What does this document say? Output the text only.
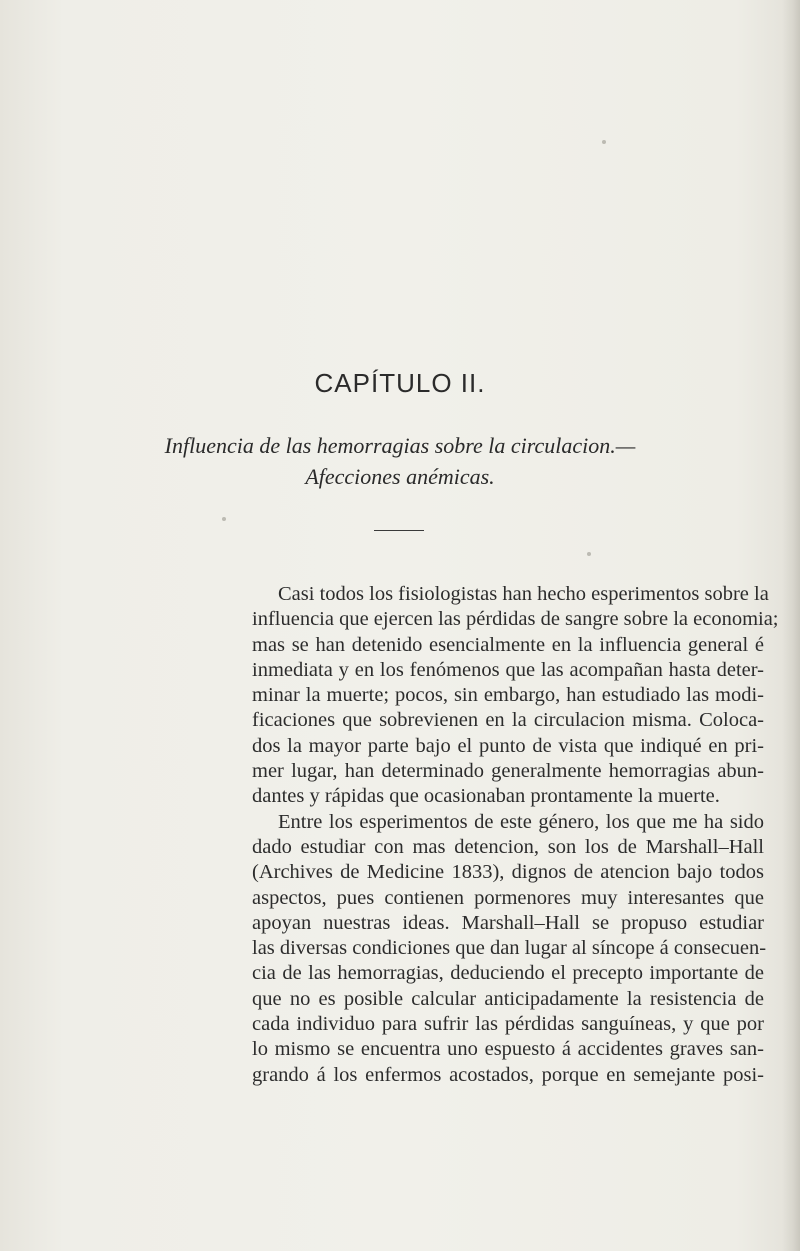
CAPÍTULO II.

Influencia de las hemorragias sobre la circulacion.—

Afecciones anémicas.

Casi todos los fisiologistas han hecho esperimentos sobre la
influencia que ejercen las pérdidas de sangre sobre la economia;
mas se han detenido esencialmente en la influencia general é
inmediata y en los fenómenos que las acompañan hasta deter-
minar la muerte; pocos, sin embargo, han estudiado las modi-
ficaciones que sobrevienen en la circulacion misma. Coloca-
dos la mayor parte bajo el punto de vista que indiqué en pri-
mer lugar, han determinado generalmente hemorragias abun-
dantes y rápidas que ocasionaban prontamente la muerte.
Entre los esperimentos de este género, los que me ha sido
dado estudiar con mas detencion, son los de Marshall–Hall
(Archives de Medicine 1833), dignos de atencion bajo todos
aspectos, pues contienen pormenores muy interesantes que
apoyan nuestras ideas. Marshall–Hall se propuso estudiar
las diversas condiciones que dan lugar al síncope á consecuen-
cia de las hemorragias, deduciendo el precepto importante de
que no es posible calcular anticipadamente la resistencia de
cada individuo para sufrir las pérdidas sanguíneas, y que por
lo mismo se encuentra uno espuesto á accidentes graves san-
grando á los enfermos acostados, porque en semejante posi-
